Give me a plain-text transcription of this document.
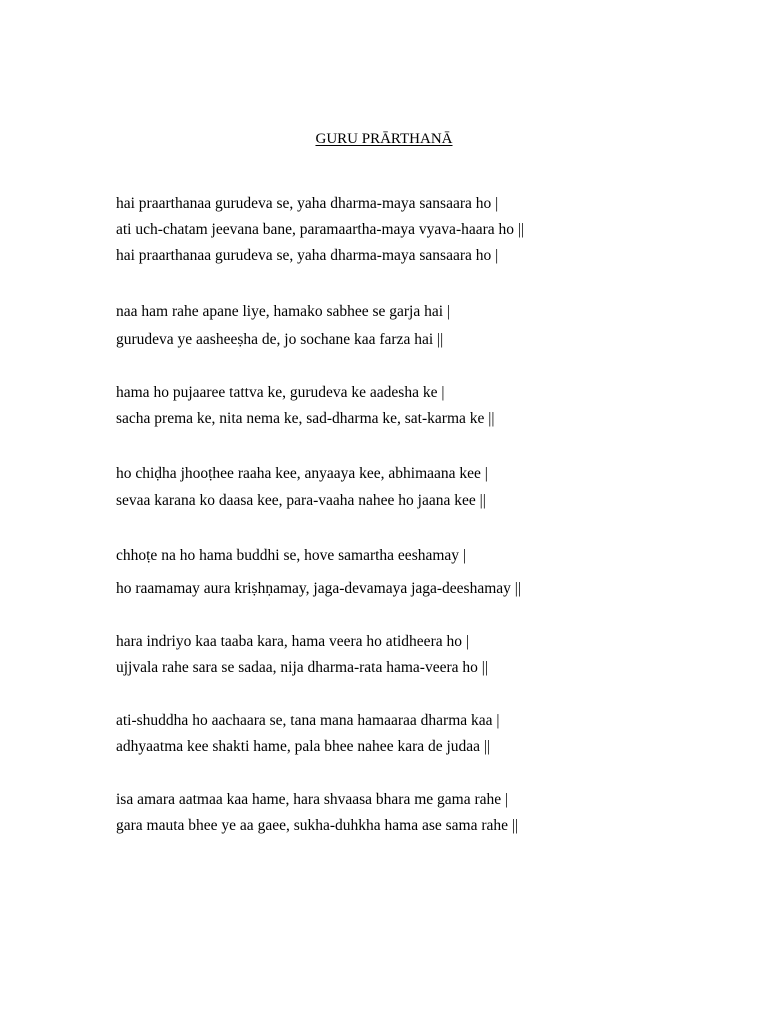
GURU PRĀRTHANĀ
hai praarthanaa gurudeva se, yaha dharma-maya sansaara ho |
ati uch-chatam jeevana bane, paramaartha-maya vyava-haara ho ||
hai praarthanaa gurudeva se, yaha dharma-maya sansaara ho |
naa ham rahe apane liye, hamako sabhee se garja hai |
gurudeva ye aasheeṣha de, jo sochane kaa farza hai ||
hama ho pujaaree tattva ke, gurudeva ke aadesha ke |
sacha prema ke, nita nema ke, sad-dharma ke, sat-karma ke ||
ho chiḍha jhooṭhee raaha kee, anyaaya kee, abhimaana kee |
sevaa karana ko daasa kee, para-vaaha nahee ho jaana kee ||
chhoṭe na ho hama buddhi se, hove samartha eeshamay |
ho raamamay aura kriṣhṇamay, jaga-devamaya jaga-deeshamay ||
hara indriyo kaa taaba kara, hama veera ho atidheera ho |
ujjvala rahe sara se sadaa, nija dharma-rata hama-veera ho ||
ati-shuddha ho aachaara se, tana mana hamaaraa dharma kaa |
adhyaatma kee shakti hame, pala bhee nahee kara de judaa ||
isa amara aatmaa kaa hame, hara shvaasa bhara me gama rahe |
gara mauta bhee ye aa gaee, sukha-duhkha hama ase sama rahe ||
